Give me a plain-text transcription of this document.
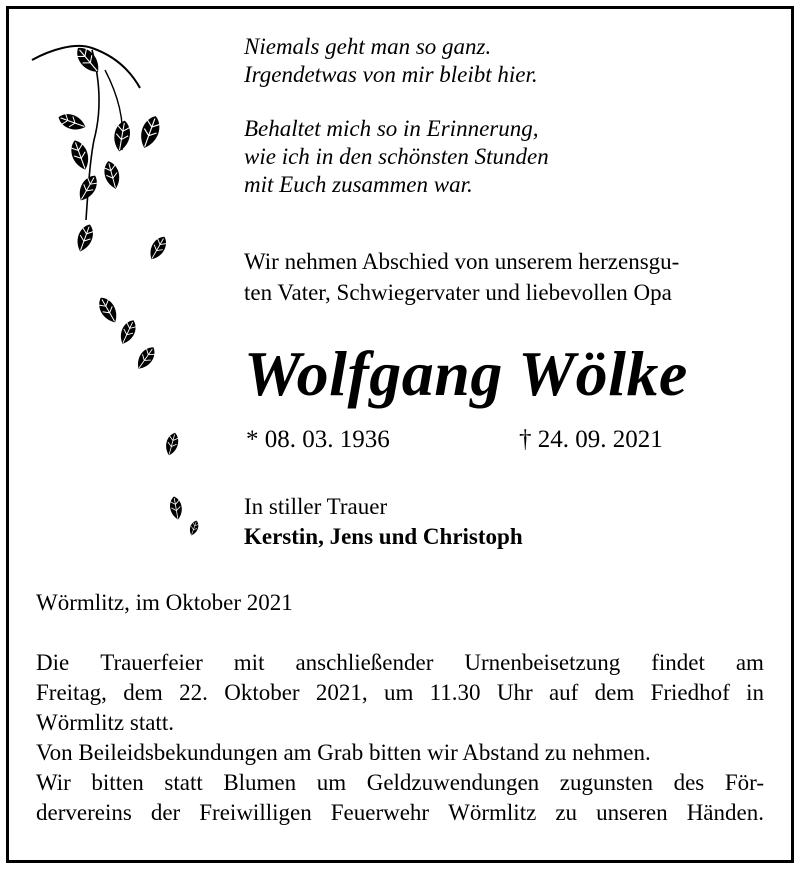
Niemals geht man so ganz.
Irgendetwas von mir bleibt hier.
Behaltet mich so in Erinnerung,
wie ich in den schönsten Stunden
mit Euch zusammen war.
Wir nehmen Abschied von unserem herzensgu-
ten Vater, Schwiegervater und liebevollen Opa
Wolfgang Wölke
* 08. 03. 1936	† 24. 09. 2021
In stiller Trauer
Kerstin, Jens und Christoph
Wörmlitz, im Oktober 2021
Die Trauerfeier mit anschließender Urnenbeisetzung findet am
Freitag, dem 22. Oktober 2021, um 11.30 Uhr auf dem Friedhof in
Wörmlitz statt.
Von Beileidsbekundungen am Grab bitten wir Abstand zu nehmen.
Wir bitten statt Blumen um Geldzuwendungen zugunsten des För-
dervereins der Freiwilligen Feuerwehr Wörmlitz zu unseren Händen.
